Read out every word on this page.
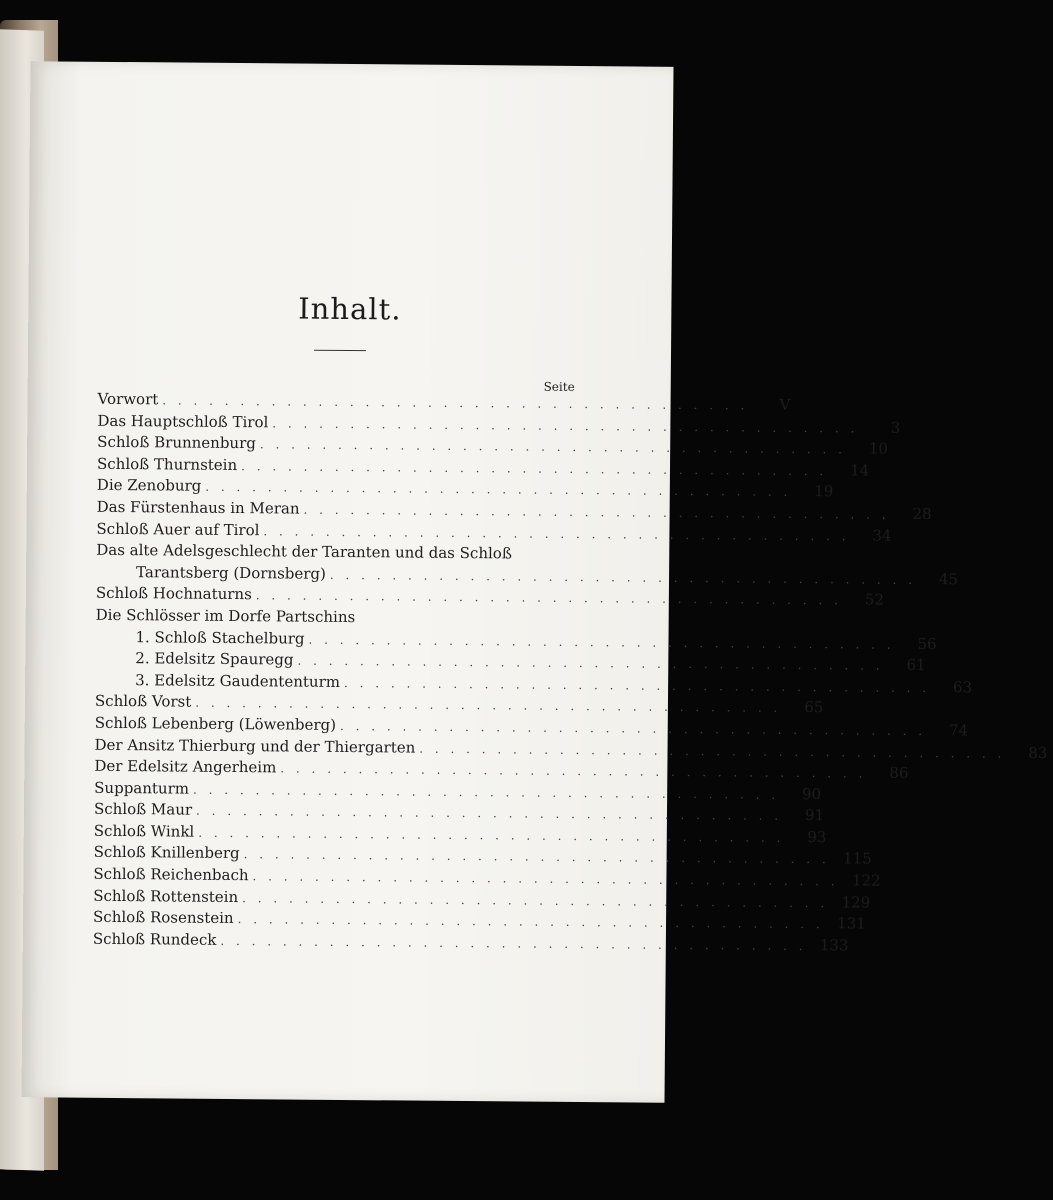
Inhalt.
Seite
Vorwort . . . . . . . . . . . . . . . . . . . . . . . . . . . . . . . . . . . . . .	V
Das Hauptschloß Tirol . . . . . . . . . . . . . . . . . . . . . . . . . . . . . . . . . . . . . .	3
Schloß Brunnenburg . . . . . . . . . . . . . . . . . . . . . . . . . . . . . . . . . . . . . .	10
Schloß Thurnstein . . . . . . . . . . . . . . . . . . . . . . . . . . . . . . . . . . . . . .	14
Die Zenoburg . . . . . . . . . . . . . . . . . . . . . . . . . . . . . . . . . . . . . .	19
Das Fürstenhaus in Meran . . . . . . . . . . . . . . . . . . . . . . . . . . . . . . . . . . . . . .	28
Schloß Auer auf Tirol . . . . . . . . . . . . . . . . . . . . . . . . . . . . . . . . . . . . . .	34
Das alte Adelsgeschlecht der Taranten und das Schloß
Tarantsberg (Dornsberg) . . . . . . . . . . . . . . . . . . . . . . . . . . . . . . . . . . . . . .	45
Schloß Hochnaturns . . . . . . . . . . . . . . . . . . . . . . . . . . . . . . . . . . . . . .	52
Die Schlösser im Dorfe Partschins
1. Schloß Stachelburg . . . . . . . . . . . . . . . . . . . . . . . . . . . . . . . . . . . . . .	56
2. Edelsitz Spauregg . . . . . . . . . . . . . . . . . . . . . . . . . . . . . . . . . . . . . .	61
3. Edelsitz Gaudententurm . . . . . . . . . . . . . . . . . . . . . . . . . . . . . . . . . . . . . .	63
Schloß Vorst . . . . . . . . . . . . . . . . . . . . . . . . . . . . . . . . . . . . . .	65
Schloß Lebenberg (Löwenberg) . . . . . . . . . . . . . . . . . . . . . . . . . . . . . . . . . . . . . .	74
Der Ansitz Thierburg und der Thiergarten . . . . . . . . . . . . . . . . . . . . . . . . . . . . . . . . . . . . . .	83
Der Edelsitz Angerheim . . . . . . . . . . . . . . . . . . . . . . . . . . . . . . . . . . . . . .	86
Suppanturm . . . . . . . . . . . . . . . . . . . . . . . . . . . . . . . . . . . . . .	90
Schloß Maur . . . . . . . . . . . . . . . . . . . . . . . . . . . . . . . . . . . . . .	91
Schloß Winkl . . . . . . . . . . . . . . . . . . . . . . . . . . . . . . . . . . . . . .	93
Schloß Knillenberg . . . . . . . . . . . . . . . . . . . . . . . . . . . . . . . . . . . . . . 115
Schloß Reichenbach . . . . . . . . . . . . . . . . . . . . . . . . . . . . . . . . . . . . . . 122
Schloß Rottenstein . . . . . . . . . . . . . . . . . . . . . . . . . . . . . . . . . . . . . . 129
Schloß Rosenstein . . . . . . . . . . . . . . . . . . . . . . . . . . . . . . . . . . . . . . 131
Schloß Rundeck . . . . . . . . . . . . . . . . . . . . . . . . . . . . . . . . . . . . . . 133
